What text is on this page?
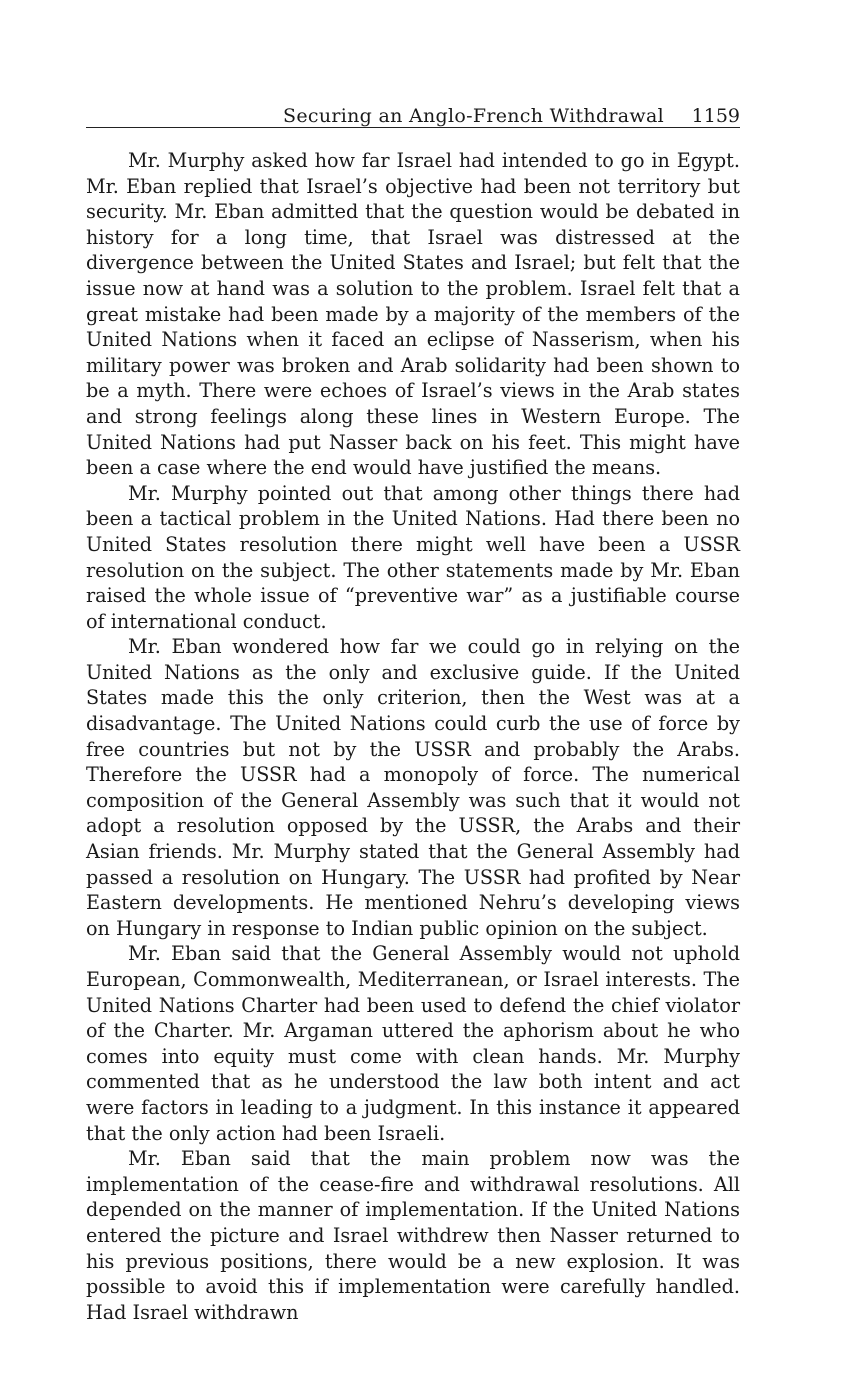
Securing an Anglo-French Withdrawal 1159

Mr. Murphy asked how far Israel had intended to go in Egypt. Mr. Eban replied that Israel’s objective had been not territory but security. Mr. Eban admitted that the question would be debated in history for a long time, that Israel was distressed at the divergence between the United States and Israel; but felt that the issue now at hand was a solution to the problem. Israel felt that a great mistake had been made by a majority of the members of the United Nations when it faced an eclipse of Nasserism, when his military power was broken and Arab solidarity had been shown to be a myth. There were echoes of Israel’s views in the Arab states and strong feelings along these lines in Western Europe. The United Nations had put Nasser back on his feet. This might have been a case where the end would have justified the means.

Mr. Murphy pointed out that among other things there had been a tactical problem in the United Nations. Had there been no United States resolution there might well have been a USSR resolution on the subject. The other statements made by Mr. Eban raised the whole issue of “preventive war” as a justifiable course of international conduct.

Mr. Eban wondered how far we could go in relying on the United Nations as the only and exclusive guide. If the United States made this the only criterion, then the West was at a disadvantage. The United Nations could curb the use of force by free countries but not by the USSR and probably the Arabs. Therefore the USSR had a monopoly of force. The numerical composition of the General Assembly was such that it would not adopt a resolution opposed by the USSR, the Arabs and their Asian friends. Mr. Murphy stated that the General Assembly had passed a resolution on Hungary. The USSR had profited by Near Eastern developments. He mentioned Nehru’s developing views on Hungary in response to Indian public opinion on the subject.

Mr. Eban said that the General Assembly would not uphold European, Commonwealth, Mediterranean, or Israel interests. The United Nations Charter had been used to defend the chief violator of the Charter. Mr. Argaman uttered the aphorism about he who comes into equity must come with clean hands. Mr. Murphy commented that as he understood the law both intent and act were factors in leading to a judgment. In this instance it appeared that the only action had been Israeli.

Mr. Eban said that the main problem now was the implementation of the cease-fire and withdrawal resolutions. All depended on the manner of implementation. If the United Nations entered the picture and Israel withdrew then Nasser returned to his previous positions, there would be a new explosion. It was possible to avoid this if implementation were carefully handled. Had Israel withdrawn
